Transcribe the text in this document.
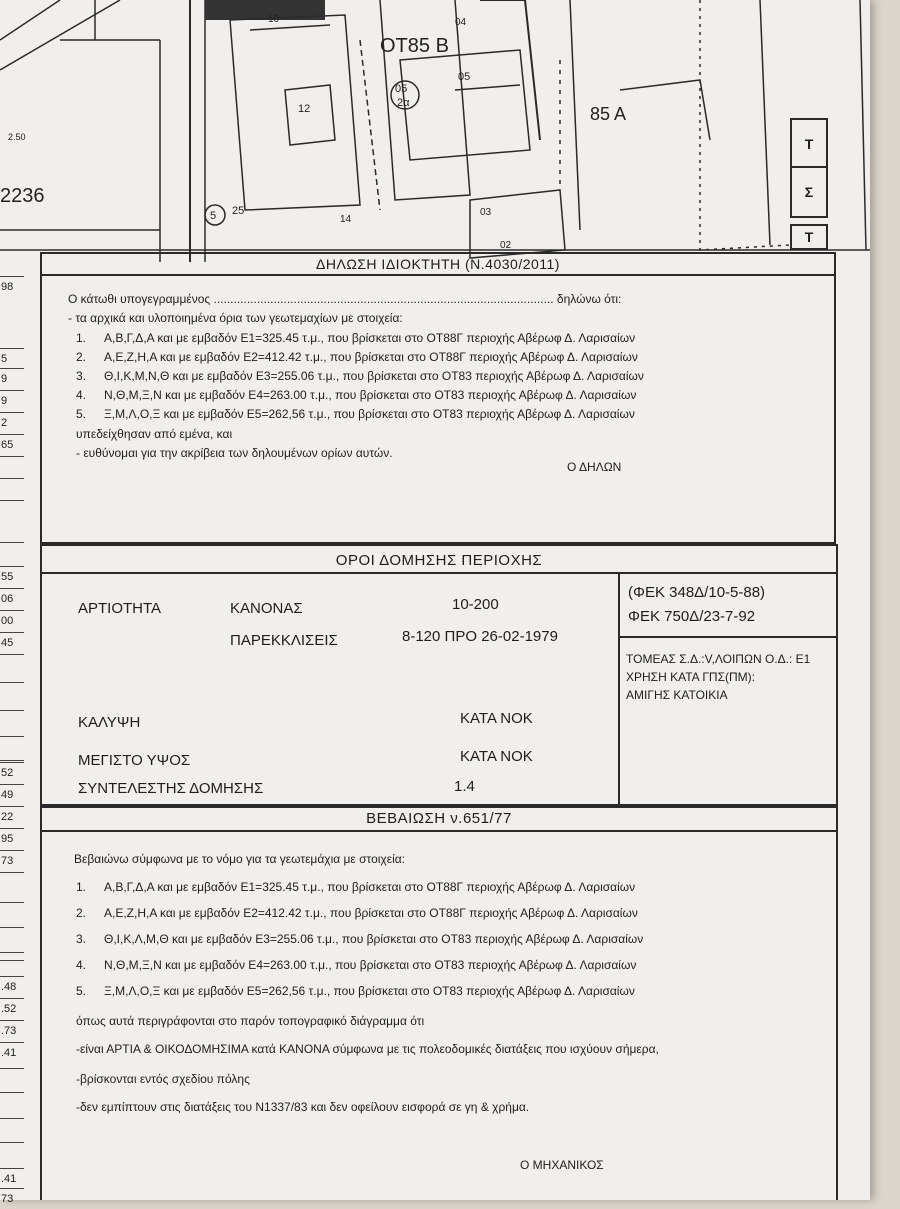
ΟΤ85 Β
85 Α
2236
10
12
05
05
2α
14
25
5
04
03
02
2.50	Τ
Σ
Τ
98
5
9
9
2
65
55
06
00
45
52
49
22
95
73
.48
.52
.73
.41
.41
73
ΔΗΛΩΣΗ ΙΔΙΟΚΤΗΤΗ (Ν.4030/2011)
Ο κάτωθι υπογεγραμμένος ...................................................................................................... δηλώνω ότι:
- τα αρχικά και υλοποιημένα όρια των γεωτεμαχίων με στοιχεία:
1. Α,Β,Γ,Δ,Α και με εμβαδόν Ε1=325.45 τ.μ., που βρίσκεται στο ΟΤ88Γ περιοχής Αβέρωφ Δ. Λαρισαίων
2. Α,Ε,Ζ,Η,Α και με εμβαδόν Ε2=412.42 τ.μ., που βρίσκεται στο ΟΤ88Γ περιοχής Αβέρωφ Δ. Λαρισαίων
3. Θ,Ι,Κ,Μ,Ν,Θ και με εμβαδόν Ε3=255.06 τ.μ., που βρίσκεται στο ΟΤ83 περιοχής Αβέρωφ Δ. Λαρισαίων
4. Ν,Θ,Μ,Ξ,Ν και με εμβαδόν Ε4=263.00 τ.μ., που βρίσκεται στο ΟΤ83 περιοχής Αβέρωφ Δ. Λαρισαίων
5. Ξ,Μ,Λ,Ο,Ξ και με εμβαδόν Ε5=262,56 τ.μ., που βρίσκεται στο ΟΤ83 περιοχής Αβέρωφ Δ. Λαρισαίων
υπεδείχθησαν από εμένα, και
- ευθύνομαι για την ακρίβεια των δηλουμένων ορίων αυτών.
Ο ΔΗΛΩΝ
ΟΡΟΙ ΔΟΜΗΣΗΣ ΠΕΡΙΟΧΗΣ
ΑΡΤΙΟΤΗΤΑ	ΚΑΝΟΝΑΣ	10-200
ΠΑΡΕΚΚΛΙΣΕΙΣ	8-120 ΠΡΟ 26-02-1979
(ΦΕΚ 348Δ/10-5-88)
ΦΕΚ 750Δ/23-7-92
ΤΟΜΕΑΣ Σ.Δ.:V,ΛΟΙΠΩΝ Ο.Δ.: Ε1
ΧΡΗΣΗ ΚΑΤΑ ΓΠΣ(ΠΜ):
ΑΜΙΓΗΣ ΚΑΤΟΙΚΙΑ
ΚΑΛΥΨΗ	ΚΑΤΑ ΝΟΚ
ΜΕΓΙΣΤΟ ΥΨΟΣ	ΚΑΤΑ ΝΟΚ
ΣΥΝΤΕΛΕΣΤΗΣ ΔΟΜΗΣΗΣ	1.4
ΒΕΒΑΙΩΣΗ ν.651/77
Βεβαιώνω σύμφωνα με το νόμο για τα γεωτεμάχια με στοιχεία:
1. Α,Β,Γ,Δ,Α και με εμβαδόν Ε1=325.45 τ.μ., που βρίσκεται στο ΟΤ88Γ περιοχής Αβέρωφ Δ. Λαρισαίων
2. Α,Ε,Ζ,Η,Α και με εμβαδόν Ε2=412.42 τ.μ., που βρίσκεται στο ΟΤ88Γ περιοχής Αβέρωφ Δ. Λαρισαίων
3. Θ,Ι,Κ,Λ,Μ,Θ και με εμβαδόν Ε3=255.06 τ.μ., που βρίσκεται στο ΟΤ83 περιοχής Αβέρωφ Δ. Λαρισαίων
4. Ν,Θ,Μ,Ξ,Ν και με εμβαδόν Ε4=263.00 τ.μ., που βρίσκεται στο ΟΤ83 περιοχής Αβέρωφ Δ. Λαρισαίων
5. Ξ,Μ,Λ,Ο,Ξ και με εμβαδόν Ε5=262,56 τ.μ., που βρίσκεται στο ΟΤ83 περιοχής Αβέρωφ Δ. Λαρισαίων
όπως αυτά περιγράφονται στο παρόν τοπογραφικό διάγραμμα ότι
-είναι ΑΡΤΙΑ & ΟΙΚΟΔΟΜΗΣΙΜΑ κατά ΚΑΝΟΝΑ σύμφωνα με τις πολεοδομικές διατάξεις που ισχύουν σήμερα,
-βρίσκονται εντός σχεδίου πόλης
-δεν εμπίπτουν στις διατάξεις του Ν1337/83 και δεν οφείλουν εισφορά σε γη & χρήμα.
Ο ΜΗΧΑΝΙΚΟΣ
